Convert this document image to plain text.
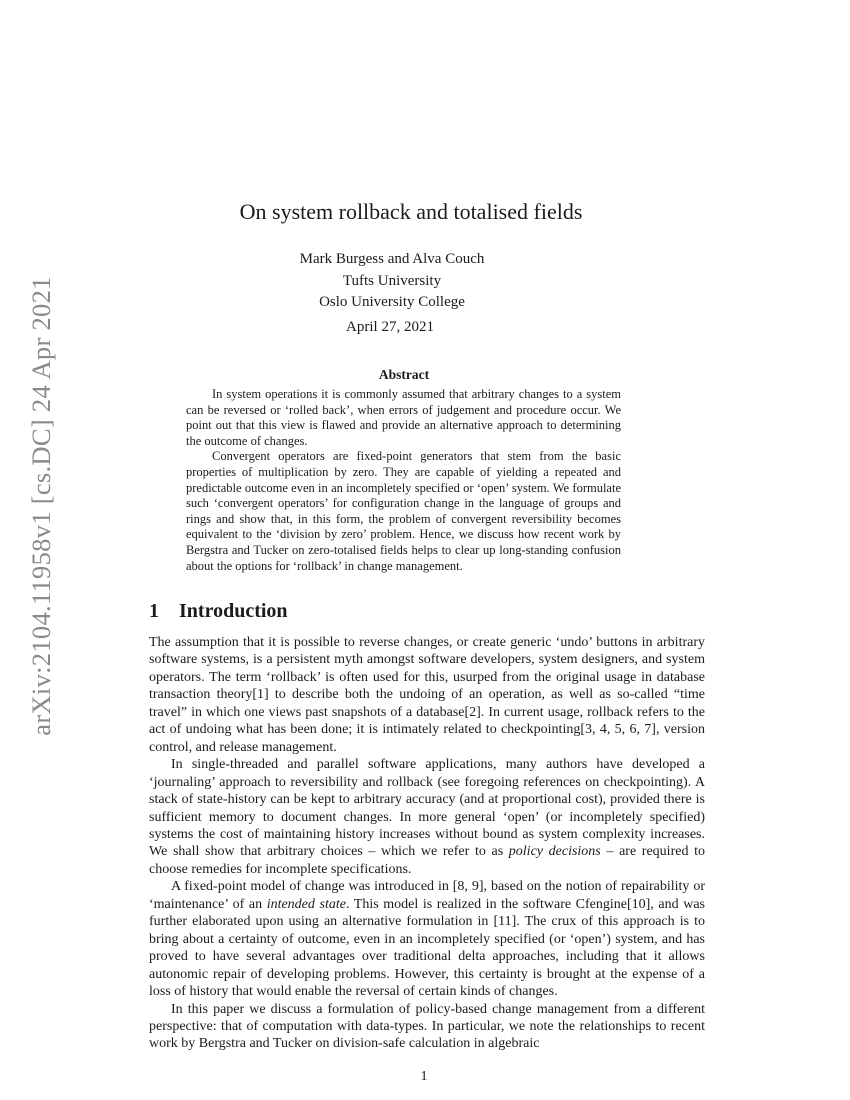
arXiv:2104.11958v1 [cs.DC] 24 Apr 2021
On system rollback and totalised fields
Mark Burgess and Alva Couch
Tufts University
Oslo University College
April 27, 2021
Abstract

In system operations it is commonly assumed that arbitrary changes to a system can be reversed or ‘rolled back’, when errors of judgement and procedure occur. We point out that this view is flawed and provide an alternative approach to determining the outcome of changes.

Convergent operators are fixed-point generators that stem from the basic properties of multiplication by zero. They are capable of yielding a repeated and predictable outcome even in an incompletely specified or ‘open’ system. We formulate such ‘convergent operators’ for configuration change in the language of groups and rings and show that, in this form, the problem of convergent reversibility becomes equivalent to the ‘division by zero’ problem. Hence, we discuss how recent work by Bergstra and Tucker on zero-totalised fields helps to clear up long-standing confusion about the options for ‘rollback’ in change management.

1 Introduction

The assumption that it is possible to reverse changes, or create generic ‘undo’ buttons in arbitrary software systems, is a persistent myth amongst software developers, system designers, and system operators. The term ‘rollback’ is often used for this, usurped from the original usage in database transaction theory[1] to describe both the undoing of an operation, as well as so-called “time travel” in which one views past snapshots of a database[2]. In current usage, rollback refers to the act of undoing what has been done; it is intimately related to checkpointing[3, 4, 5, 6, 7], version control, and release management.

In single-threaded and parallel software applications, many authors have developed a ‘journaling’ approach to reversibility and rollback (see foregoing references on checkpointing). A stack of state-history can be kept to arbitrary accuracy (and at proportional cost), provided there is sufficient memory to document changes. In more general ‘open’ (or incompletely specified) systems the cost of maintaining history increases without bound as system complexity increases. We shall show that arbitrary choices – which we refer to as policy decisions – are required to choose remedies for incomplete specifications.

A fixed-point model of change was introduced in [8, 9], based on the notion of repairability or ‘maintenance’ of an intended state. This model is realized in the software Cfengine[10], and was further elaborated upon using an alternative formulation in [11]. The crux of this approach is to bring about a certainty of outcome, even in an incompletely specified (or ‘open’) system, and has proved to have several advantages over traditional delta approaches, including that it allows autonomic repair of developing problems. However, this certainty is brought at the expense of a loss of history that would enable the reversal of certain kinds of changes.

In this paper we discuss a formulation of policy-based change management from a different perspective: that of computation with data-types. In particular, we note the relationships to recent work by Bergstra and Tucker on division-safe calculation in algebraic

1
